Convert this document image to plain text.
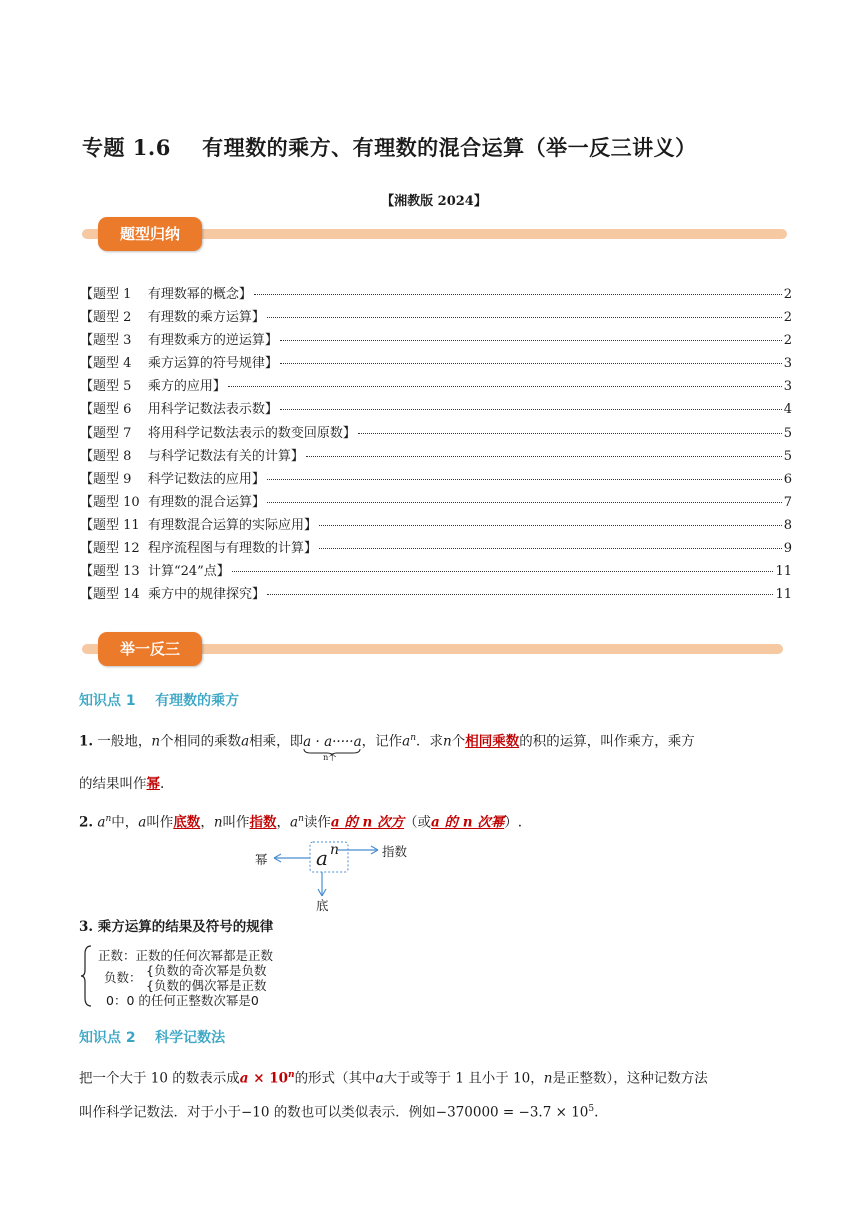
专题 1.6    有理数的乘方、有理数的混合运算（举一反三讲义）
【湘教版 2024】
题型归纳
【题型 1    有理数幂的概念】	2
【题型 2    有理数的乘方运算】	2
【题型 3    有理数乘方的逆运算】	2
【题型 4    乘方运算的符号规律】	3
【题型 5    乘方的应用】	3
【题型 6    用科学记数法表示数】	4
【题型 7    将用科学记数法表示的数变回原数】	5
【题型 8    与科学记数法有关的计算】	5
【题型 9    科学记数法的应用】	6
【题型 10  有理数的混合运算】	7
【题型 11  有理数混合运算的实际应用】	8
【题型 12  程序流程图与有理数的计算】	9
【题型 13  计算“24”点】	11
【题型 14  乘方中的规律探究】	11
举一反三
知识点 1    有理数的乘方
1. 一般地，n个相同的乘数a相乘，即a · a·····a
n个
，记作$a^n$．求n个相同乘数的积的运算，叫作乘方，乘方
的结果叫作幂.
2. $a^n$中，a叫作底数，n叫作指数，$a^n$读作a 的 n 次方（或a 的 n 次幂）.
a n
幂
指数
底
3. 乘方运算的结果及符号的规律
正数：正数的任何次幂都是正数
负数： {负数的奇次幂是负数
{负数的偶次幂是正数
0：0 的任何正整数次幂是0
知识点 2    科学记数法
把一个大于 10 的数表示成$a \times 10^n$的形式（其中a大于或等于 1 且小于 10，n是正整数），这种记数方法
叫作科学记数法．对于小于−10 的数也可以类似表示．例如$-370000 = -3.7 \times 10^5$.
